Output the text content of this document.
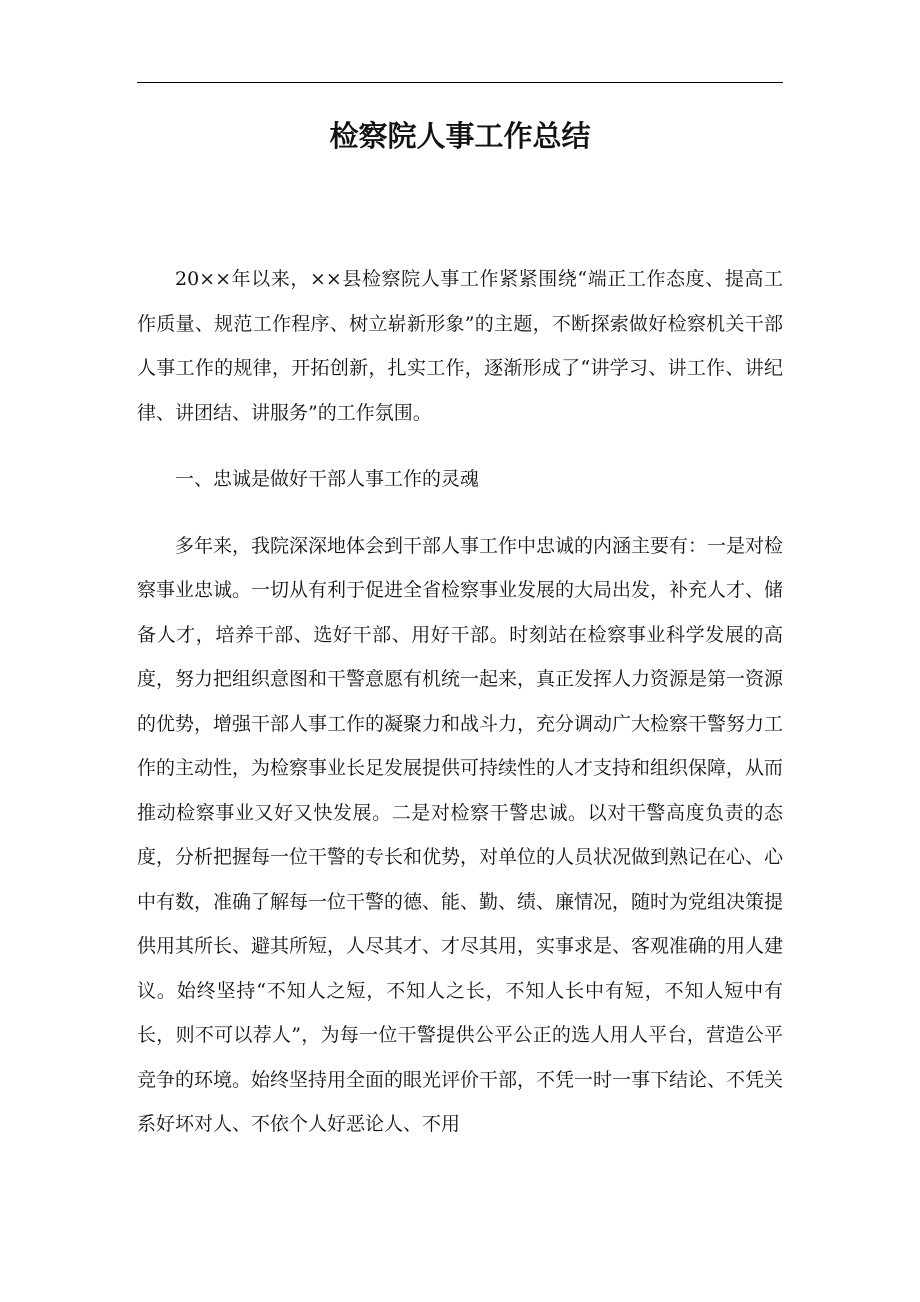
检察院人事工作总结

20××年以来，××县检察院人事工作紧紧围绕“端正工作态度、提高工作质量、规范工作程序、树立崭新形象”的主题，不断探索做好检察机关干部人事工作的规律，开拓创新，扎实工作，逐渐形成了“讲学习、讲工作、讲纪律、讲团结、讲服务”的工作氛围。

一、忠诚是做好干部人事工作的灵魂

多年来，我院深深地体会到干部人事工作中忠诚的内涵主要有：一是对检察事业忠诚。一切从有利于促进全省检察事业发展的大局出发，补充人才、储备人才，培养干部、选好干部、用好干部。时刻站在检察事业科学发展的高度，努力把组织意图和干警意愿有机统一起来，真正发挥人力资源是第一资源的优势，增强干部人事工作的凝聚力和战斗力，充分调动广大检察干警努力工作的主动性，为检察事业长足发展提供可持续性的人才支持和组织保障，从而推动检察事业又好又快发展。二是对检察干警忠诚。以对干警高度负责的态度，分析把握每一位干警的专长和优势，对单位的人员状况做到熟记在心、心中有数，准确了解每一位干警的德、能、勤、绩、廉情况，随时为党组决策提供用其所长、避其所短，人尽其才、才尽其用，实事求是、客观准确的用人建议。始终坚持“不知人之短，不知人之长，不知人长中有短，不知人短中有长，则不可以荐人”，为每一位干警提供公平公正的选人用人平台，营造公平竞争的环境。始终坚持用全面的眼光评价干部，不凭一时一事下结论、不凭关系好坏对人、不依个人好恶论人、不用
